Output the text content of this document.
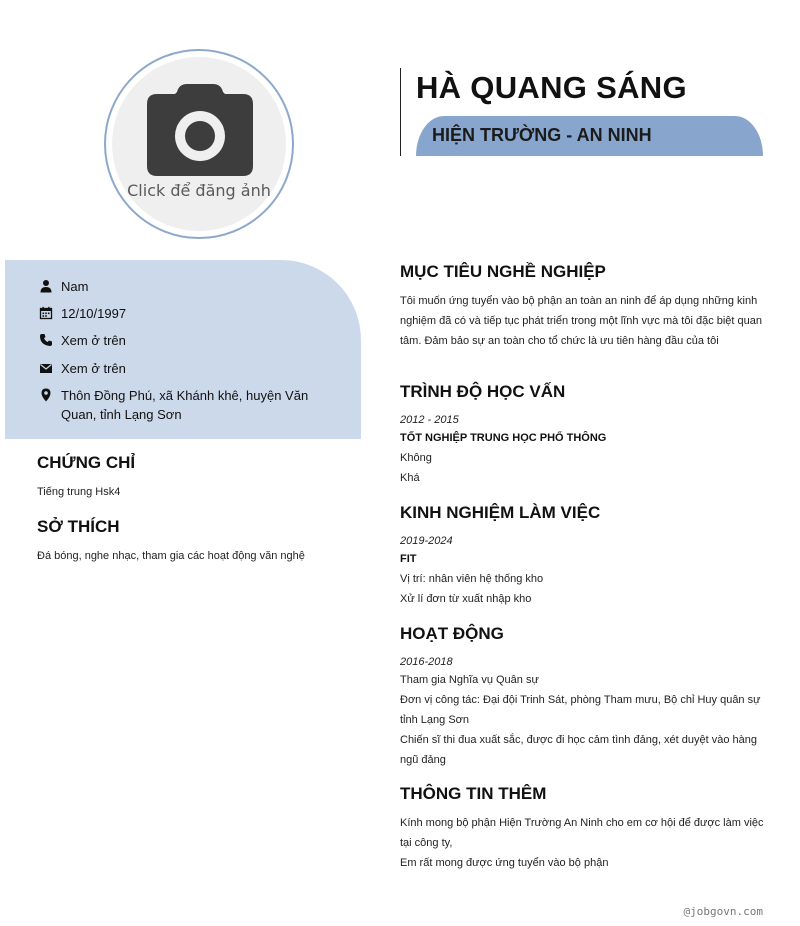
Click để đăng ảnh
HÀ QUANG SÁNG
HIỆN TRƯỜNG - AN NINH
Nam
12/10/1997
Xem ở trên
Xem ở trên
Thôn Đồng Phú, xã Khánh khê, huyện Văn Quan, tỉnh Lạng Sơn
CHỨNG CHỈ
Tiếng trung Hsk4
SỞ THÍCH
Đá bóng, nghe nhạc, tham gia các hoạt động văn nghệ
MỤC TIÊU NGHỀ NGHIỆP
Tôi muốn ứng tuyển vào bộ phận an toàn an ninh để áp dụng những kinh nghiệm đã có và tiếp tục phát triển trong một lĩnh vực mà tôi đặc biệt quan tâm. Đảm bảo sự an toàn cho tổ chức là ưu tiên hàng đầu của tôi
TRÌNH ĐỘ HỌC VẤN
2012 - 2015
TỐT NGHIỆP TRUNG HỌC PHỔ THÔNG
Không
Khá
KINH NGHIỆM LÀM VIỆC
2019-2024
FIT
Vị trí: nhân viên hệ thống kho
Xử lí đơn từ xuất nhập kho
HOẠT ĐỘNG
2016-2018
Tham gia Nghĩa vụ Quân sự
Đơn vị công tác: Đại đội Trinh Sát, phòng Tham mưu, Bộ chỉ Huy quân sự tỉnh Lạng Sơn
Chiến sĩ thi đua xuất sắc, được đi học cảm tình đảng, xét duyệt vào hàng ngũ đảng
THÔNG TIN THÊM
Kính mong bộ phận Hiện Trường An Ninh cho em cơ hội để được làm việc tại công ty,
Em rất mong được ứng tuyển vào bộ phận
@jobgovn.com
